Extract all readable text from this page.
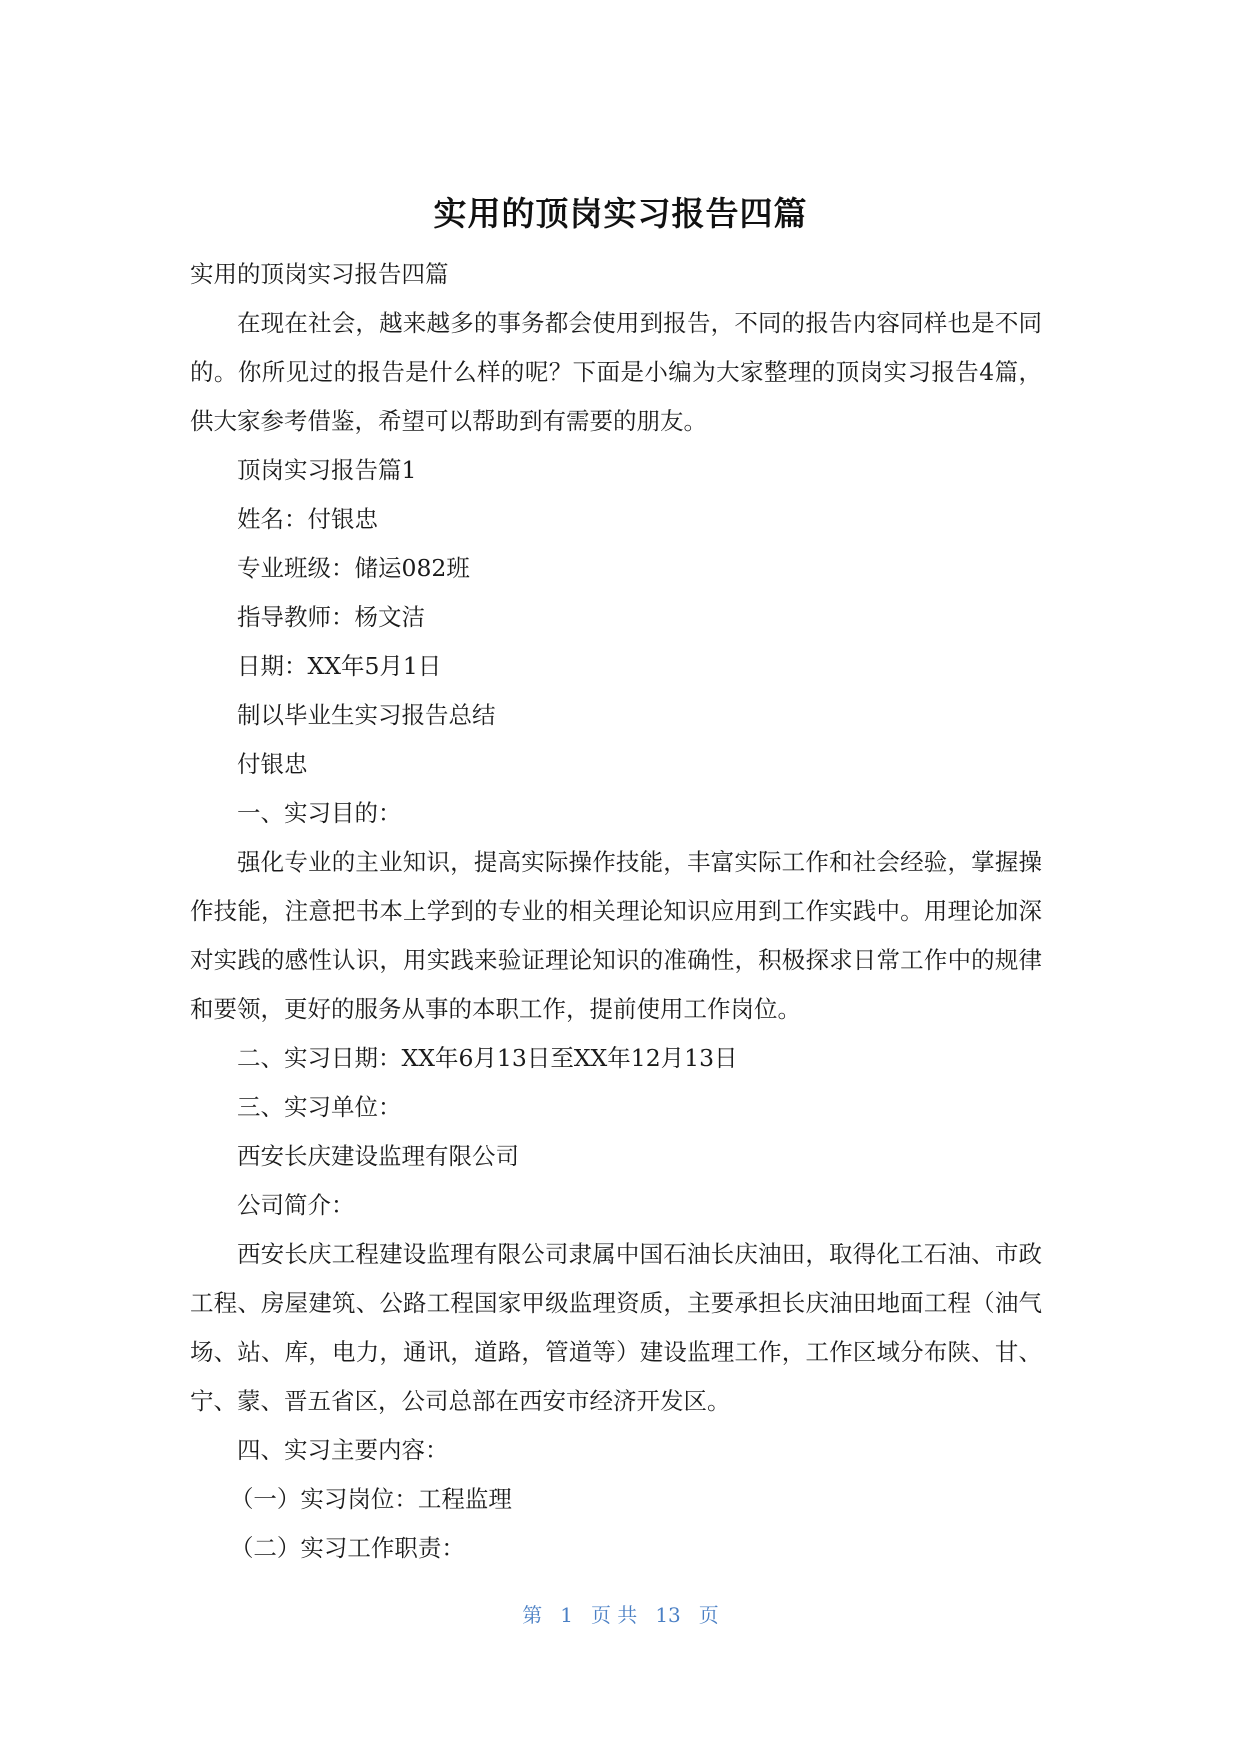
实用的顶岗实习报告四篇

实用的顶岗实习报告四篇

在现在社会，越来越多的事务都会使用到报告，不同的报告内容同样也是不同的。你所见过的报告是什么样的呢？下面是小编为大家整理的顶岗实习报告4篇，供大家参考借鉴，希望可以帮助到有需要的朋友。

顶岗实习报告篇1

姓名：付银忠

专业班级：储运082班

指导教师：杨文洁

日期：XX年5月1日

制以毕业生实习报告总结

付银忠

一、实习目的：

强化专业的主业知识，提高实际操作技能，丰富实际工作和社会经验，掌握操作技能，注意把书本上学到的专业的相关理论知识应用到工作实践中。用理论加深对实践的感性认识，用实践来验证理论知识的准确性，积极探求日常工作中的规律和要领，更好的服务从事的本职工作，提前使用工作岗位。

二、实习日期：XX年6月13日至XX年12月13日

三、实习单位：

西安长庆建设监理有限公司

公司简介：

西安长庆工程建设监理有限公司隶属中国石油长庆油田，取得化工石油、市政工程、房屋建筑、公路工程国家甲级监理资质，主要承担长庆油田地面工程（油气场、站、库，电力，通讯，道路，管道等）建设监理工作，工作区域分布陕、甘、宁、蒙、晋五省区，公司总部在西安市经济开发区。

四、实习主要内容：

（一）实习岗位：工程监理

（二）实习工作职责：

第 1 页 共 13 页
